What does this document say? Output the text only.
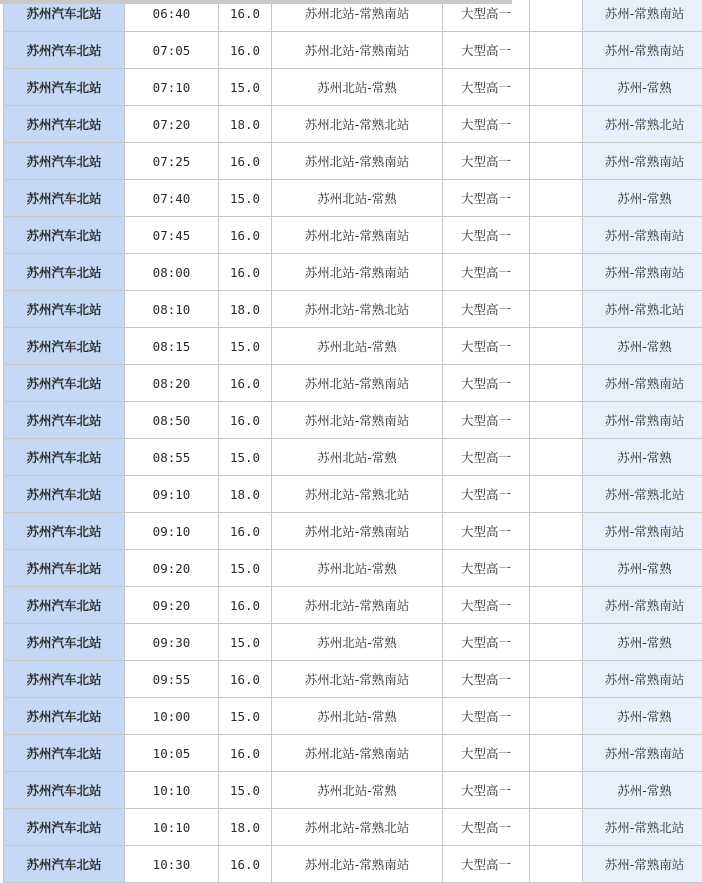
苏州汽车北站	06:40	16.0	苏州北站-常熟南站	大型高一		苏州-常熟南站
苏州汽车北站	07:05	16.0	苏州北站-常熟南站	大型高一		苏州-常熟南站
苏州汽车北站	07:10	15.0	苏州北站-常熟	大型高一		苏州-常熟
苏州汽车北站	07:20	18.0	苏州北站-常熟北站	大型高一		苏州-常熟北站
苏州汽车北站	07:25	16.0	苏州北站-常熟南站	大型高一		苏州-常熟南站
苏州汽车北站	07:40	15.0	苏州北站-常熟	大型高一		苏州-常熟
苏州汽车北站	07:45	16.0	苏州北站-常熟南站	大型高一		苏州-常熟南站
苏州汽车北站	08:00	16.0	苏州北站-常熟南站	大型高一		苏州-常熟南站
苏州汽车北站	08:10	18.0	苏州北站-常熟北站	大型高一		苏州-常熟北站
苏州汽车北站	08:15	15.0	苏州北站-常熟	大型高一		苏州-常熟
苏州汽车北站	08:20	16.0	苏州北站-常熟南站	大型高一		苏州-常熟南站
苏州汽车北站	08:50	16.0	苏州北站-常熟南站	大型高一		苏州-常熟南站
苏州汽车北站	08:55	15.0	苏州北站-常熟	大型高一		苏州-常熟
苏州汽车北站	09:10	18.0	苏州北站-常熟北站	大型高一		苏州-常熟北站
苏州汽车北站	09:10	16.0	苏州北站-常熟南站	大型高一		苏州-常熟南站
苏州汽车北站	09:20	15.0	苏州北站-常熟	大型高一		苏州-常熟
苏州汽车北站	09:20	16.0	苏州北站-常熟南站	大型高一		苏州-常熟南站
苏州汽车北站	09:30	15.0	苏州北站-常熟	大型高一		苏州-常熟
苏州汽车北站	09:55	16.0	苏州北站-常熟南站	大型高一		苏州-常熟南站
苏州汽车北站	10:00	15.0	苏州北站-常熟	大型高一		苏州-常熟
苏州汽车北站	10:05	16.0	苏州北站-常熟南站	大型高一		苏州-常熟南站
苏州汽车北站	10:10	15.0	苏州北站-常熟	大型高一		苏州-常熟
苏州汽车北站	10:10	18.0	苏州北站-常熟北站	大型高一		苏州-常熟北站
苏州汽车北站	10:30	16.0	苏州北站-常熟南站	大型高一		苏州-常熟南站
